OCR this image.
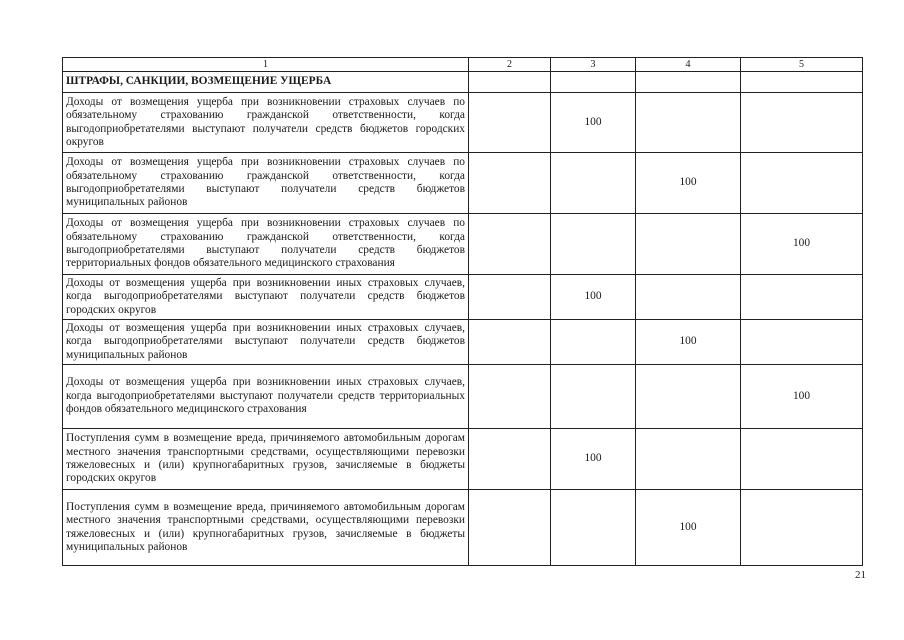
1	2	3	4	5
ШТРАФЫ, САНКЦИИ, ВОЗМЕЩЕНИЕ УЩЕРБА				
Доходы от возмещения ущерба при возникновении страховых случаев по обязательному страхованию гражданской ответственности, когда выгодоприобретателями выступают получатели средств бюджетов городских округов		100		
Доходы от возмещения ущерба при возникновении страховых случаев по обязательному страхованию гражданской ответственности, когда выгодоприобретателями выступают получатели средств бюджетов муниципальных районов			100	
Доходы от возмещения ущерба при возникновении страховых случаев по обязательному страхованию гражданской ответственности, когда выгодоприобретателями выступают получатели средств бюджетов территориальных фондов обязательного медицинского страхования				100
Доходы от возмещения ущерба при возникновении иных страховых случаев, когда выгодоприобретателями выступают получатели средств бюджетов городских округов		100		
Доходы от возмещения ущерба при возникновении иных страховых случаев, когда выгодоприобретателями выступают получатели средств бюджетов муниципальных районов			100	
Доходы от возмещения ущерба при возникновении иных страховых случаев, когда выгодоприобретателями выступают получатели средств территориальных фондов обязательного медицинского страхования				100
Поступления сумм в возмещение вреда, причиняемого автомобильным дорогам местного значения транспортными средствами, осуществляющими перевозки тяжеловесных и (или) крупногабаритных грузов, зачисляемые в бюджеты городских округов		100		
Поступления сумм в возмещение вреда, причиняемого автомобильным дорогам местного значения транспортными средствами, осуществляющими перевозки тяжеловесных и (или) крупногабаритных грузов, зачисляемые в бюджеты муниципальных районов			100	
21
